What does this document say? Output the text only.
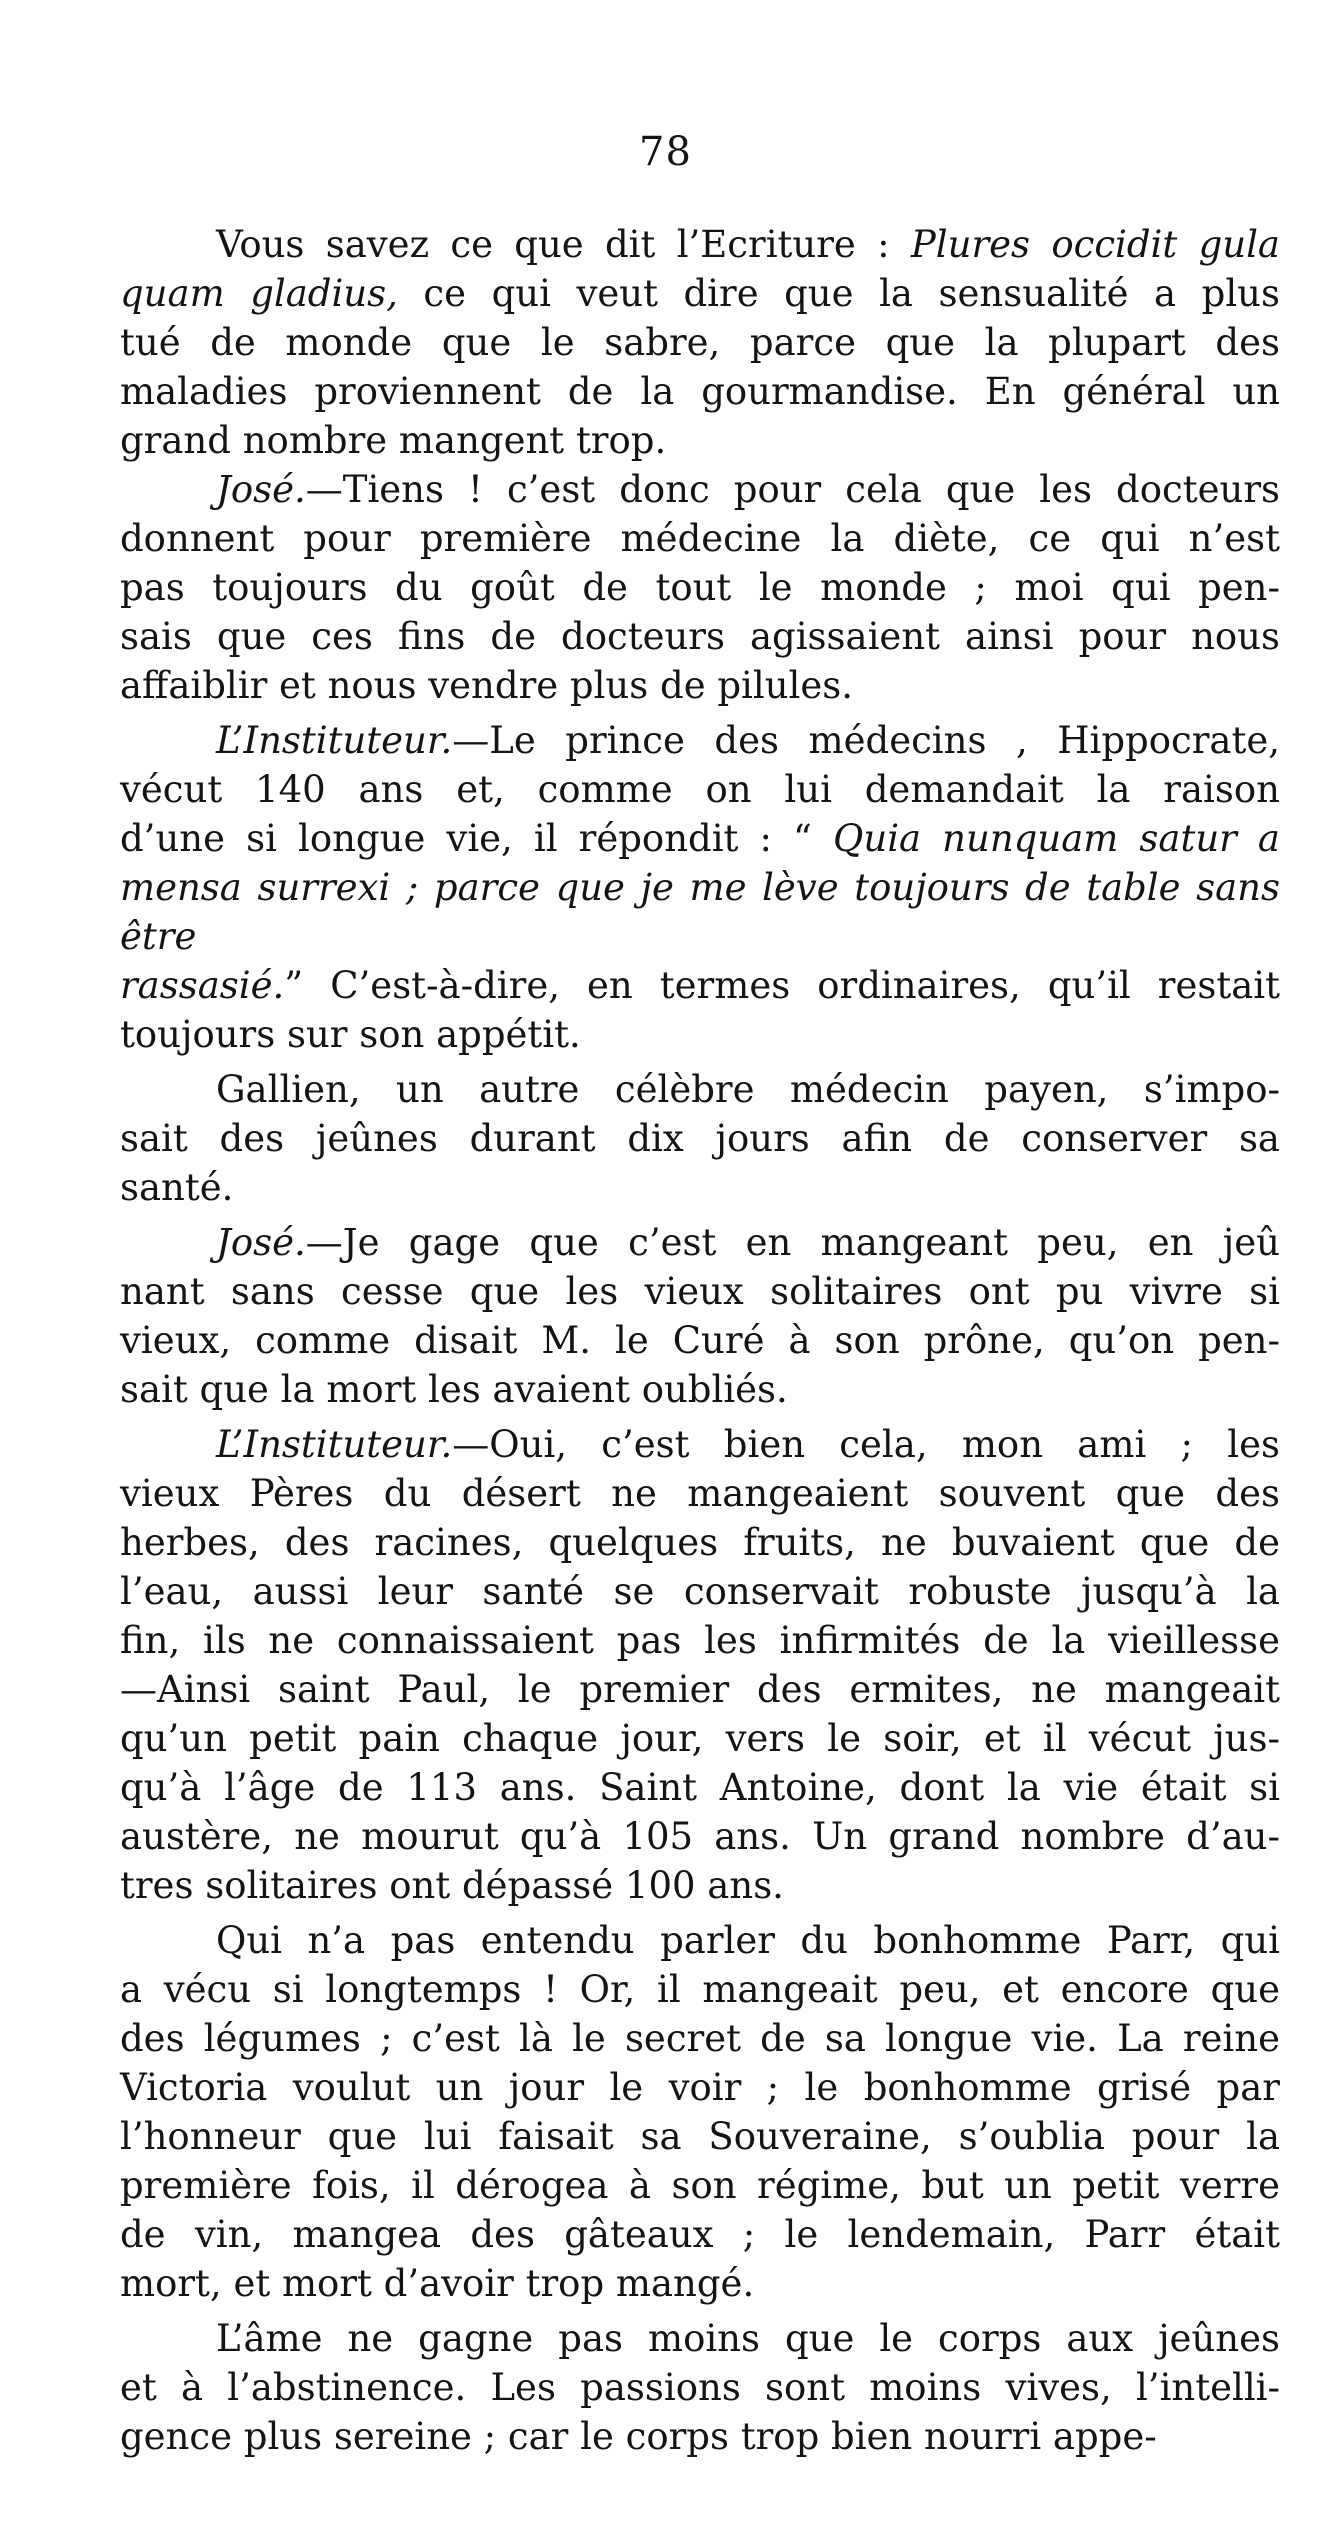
78
Vous savez ce que dit l’Ecriture : Plures occidit gula
quam gladius, ce qui veut dire que la sensualité a plus
tué de monde que le sabre, parce que la plupart des
maladies proviennent de la gourmandise. En général un
grand nombre mangent trop.
José.—Tiens ! c’est donc pour cela que les docteurs
donnent pour première médecine la diète, ce qui n’est
pas toujours du goût de tout le monde ; moi qui pen-
sais que ces fins de docteurs agissaient ainsi pour nous
affaiblir et nous vendre plus de pilules.
L’Instituteur.—Le prince des médecins , Hippocrate,
vécut 140 ans et, comme on lui demandait la raison
d’une si longue vie, il répondit : “ Quia nunquam satur a
mensa surrexi ; parce que je me lève toujours de table sans être
rassasié.” C’est-à-dire, en termes ordinaires, qu’il restait
toujours sur son appétit.
Gallien, un autre célèbre médecin payen, s’impo-
sait des jeûnes durant dix jours afin de conserver sa
santé.
José.—Je gage que c’est en mangeant peu, en jeû
nant sans cesse que les vieux solitaires ont pu vivre si
vieux, comme disait M. le Curé à son prône, qu’on pen-
sait que la mort les avaient oubliés.
L’Instituteur.—Oui, c’est bien cela, mon ami ; les
vieux Pères du désert ne mangeaient souvent que des
herbes, des racines, quelques fruits, ne buvaient que de
l’eau, aussi leur santé se conservait robuste jusqu’à la
fin, ils ne connaissaient pas les infirmités de la vieillesse
—Ainsi saint Paul, le premier des ermites, ne mangeait
qu’un petit pain chaque jour, vers le soir, et il vécut jus-
qu’à l’âge de 113 ans. Saint Antoine, dont la vie était si
austère, ne mourut qu’à 105 ans. Un grand nombre d’au-
tres solitaires ont dépassé 100 ans.
Qui n’a pas entendu parler du bonhomme Parr, qui
a vécu si longtemps ! Or, il mangeait peu, et encore que
des légumes ; c’est là le secret de sa longue vie. La reine
Victoria voulut un jour le voir ; le bonhomme grisé par
l’honneur que lui faisait sa Souveraine, s’oublia pour la
première fois, il dérogea à son régime, but un petit verre
de vin, mangea des gâteaux ; le lendemain, Parr était
mort, et mort d’avoir trop mangé.
L’âme ne gagne pas moins que le corps aux jeûnes
et à l’abstinence. Les passions sont moins vives, l’intelli-
gence plus sereine ; car le corps trop bien nourri appe-
